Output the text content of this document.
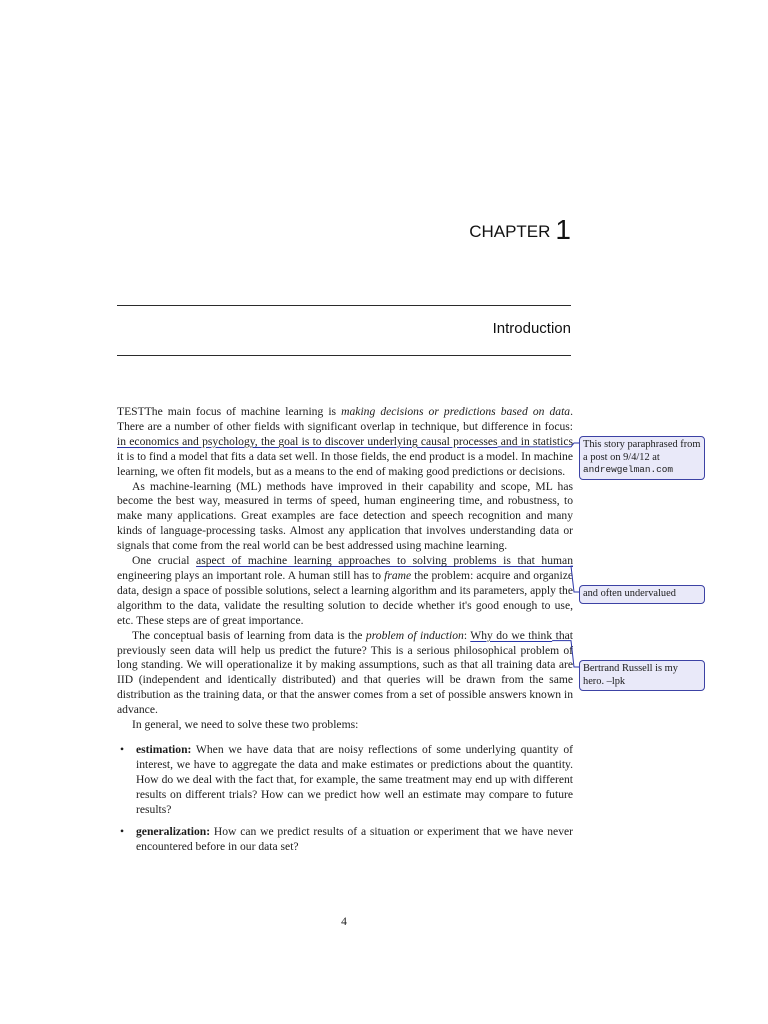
CHAPTER 1
Introduction

TESTThe main focus of machine learning is making decisions or predictions based on data. There are a number of other fields with significant overlap in technique, but difference in focus: in economics and psychology, the goal is to discover underlying causal processes and in statistics it is to find a model that fits a data set well. In those fields, the end product is a model. In machine learning, we often fit models, but as a means to the end of making good predictions or decisions.

As machine-learning (ML) methods have improved in their capability and scope, ML has become the best way, measured in terms of speed, human engineering time, and robustness, to make many applications. Great examples are face detection and speech recognition and many kinds of language-processing tasks. Almost any application that involves understanding data or signals that come from the real world can be best addressed using machine learning.

One crucial aspect of machine learning approaches to solving problems is that human engineering plays an important role. A human still has to frame the problem: acquire and organize data, design a space of possible solutions, select a learning algorithm and its parameters, apply the algorithm to the data, validate the resulting solution to decide whether it's good enough to use, etc. These steps are of great importance.

The conceptual basis of learning from data is the problem of induction: Why do we think that previously seen data will help us predict the future? This is a serious philosophical problem of long standing. We will operationalize it by making assumptions, such as that all training data are IID (independent and identically distributed) and that queries will be drawn from the same distribution as the training data, or that the answer comes from a set of possible answers known in advance.

In general, we need to solve these two problems:

• estimation: When we have data that are noisy reflections of some underlying quantity of interest, we have to aggregate the data and make estimates or predictions about the quantity. How do we deal with the fact that, for example, the same treatment may end up with different results on different trials? How can we predict how well an estimate may compare to future results?
• generalization: How can we predict results of a situation or experiment that we have never encountered before in our data set?
This story paraphrased from a post on 9/4/12 at andrewgelman.com
and often undervalued
Bertrand Russell is my hero. –lpk
4
